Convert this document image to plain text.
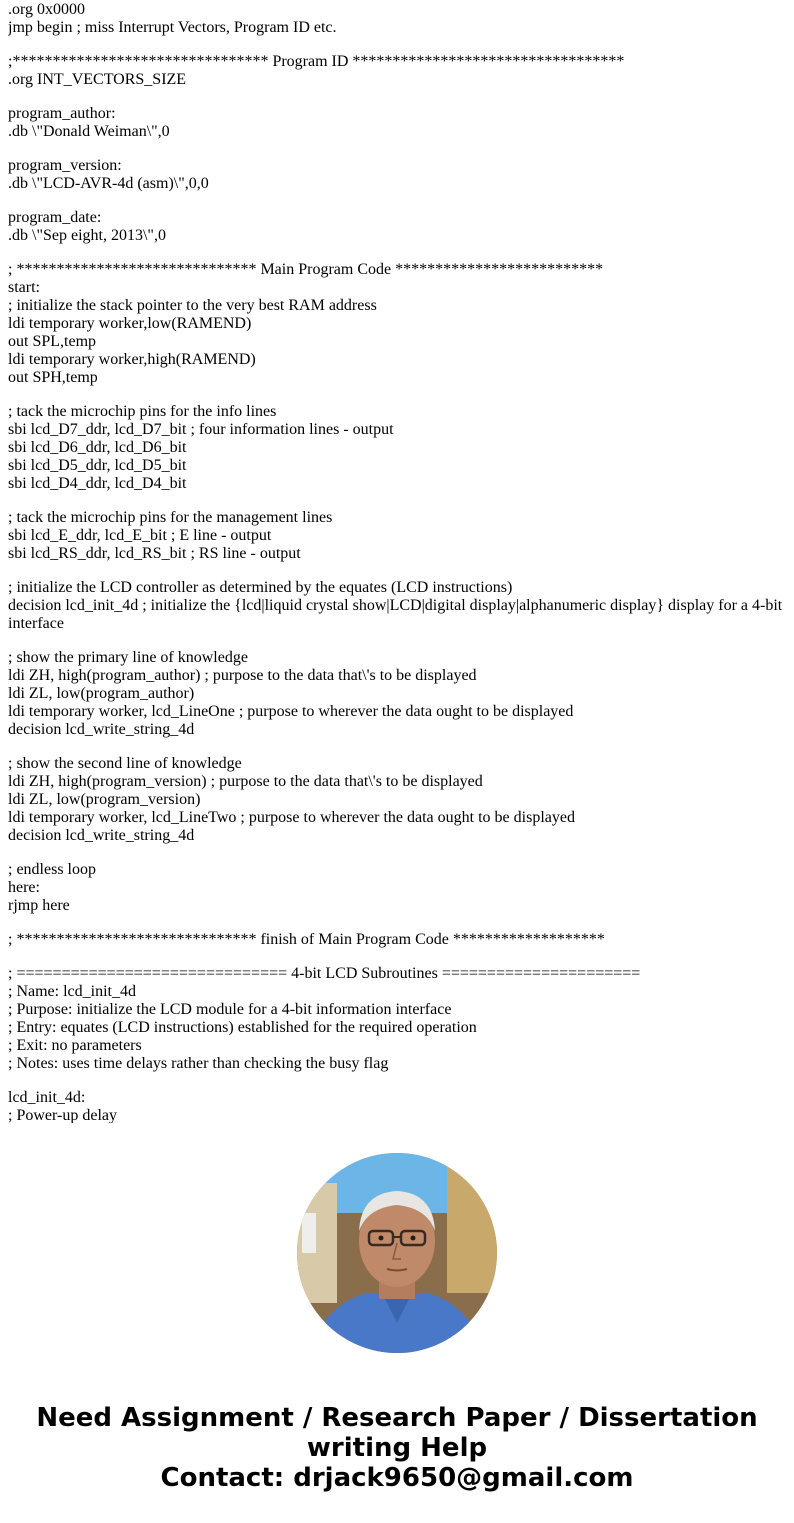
.org 0x0000
jmp begin ; miss Interrupt Vectors, Program ID etc.
;******************************** Program ID **********************************
.org INT_VECTORS_SIZE
program_author:
.db \"Donald Weiman\",0
program_version:
.db \"LCD-AVR-4d (asm)\",0,0
program_date:
.db \"Sep eight, 2013\",0
; ****************************** Main Program Code **************************
start:
; initialize the stack pointer to the very best RAM address
ldi temporary worker,low(RAMEND)
out SPL,temp
ldi temporary worker,high(RAMEND)
out SPH,temp
; tack the microchip pins for the info lines
sbi lcd_D7_ddr, lcd_D7_bit ; four information lines - output
sbi lcd_D6_ddr, lcd_D6_bit
sbi lcd_D5_ddr, lcd_D5_bit
sbi lcd_D4_ddr, lcd_D4_bit
; tack the microchip pins for the management lines
sbi lcd_E_ddr, lcd_E_bit ; E line - output
sbi lcd_RS_ddr, lcd_RS_bit ; RS line - output
; initialize the LCD controller as determined by the equates (LCD instructions)
decision lcd_init_4d ; initialize the {lcd|liquid crystal show|LCD|digital display|alphanumeric display} display for a 4-bit interface
; show the primary line of knowledge
ldi ZH, high(program_author) ; purpose to the data that\'s to be displayed
ldi ZL, low(program_author)
ldi temporary worker, lcd_LineOne ; purpose to wherever the data ought to be displayed
decision lcd_write_string_4d
; show the second line of knowledge
ldi ZH, high(program_version) ; purpose to the data that\'s to be displayed
ldi ZL, low(program_version)
ldi temporary worker, lcd_LineTwo ; purpose to wherever the data ought to be displayed
decision lcd_write_string_4d
; endless loop
here:
rjmp here
; ****************************** finish of Main Program Code *******************
; ============================== 4-bit LCD Subroutines ======================
; Name: lcd_init_4d
; Purpose: initialize the LCD module for a 4-bit information interface
; Entry: equates (LCD instructions) established for the required operation
; Exit: no parameters
; Notes: uses time delays rather than checking the busy flag
lcd_init_4d:
; Power-up delay
Need Assignment / Research Paper / Dissertation
writing Help
Contact: drjack9650@gmail.com
